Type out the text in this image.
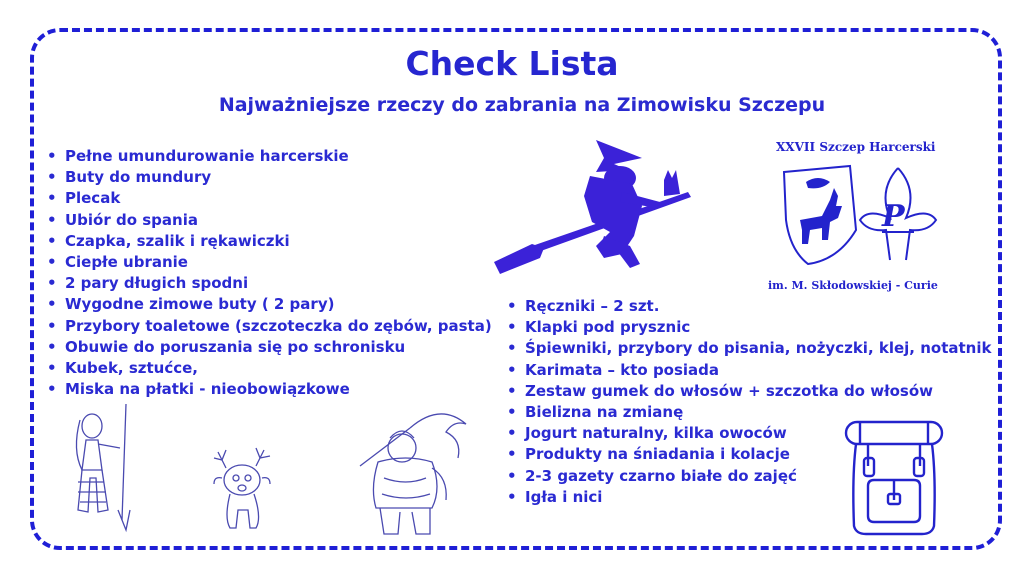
Check Lista
Najważniejsze rzeczy do zabrania na Zimowisku Szczepu
• Pełne umundurowanie harcerskie
• Buty do mundury
• Plecak
• Ubiór do spania
• Czapka, szalik i rękawiczki
• Ciepłe ubranie
• 2 pary długich spodni
• Wygodne zimowe buty ( 2 pary)
• Przybory toaletowe (szczoteczka do zębów, pasta)
• Obuwie do poruszania się po schronisku
• Kubek, sztućce,
• Miska na płatki - nieobowiązkowe
• Ręczniki – 2 szt.
• Klapki pod prysznic
• Śpiewniki, przybory do pisania, nożyczki, klej, notatnik
• Karimata – kto posiada
• Zestaw gumek do włosów + szczotka do włosów
• Bielizna na zmianę
• Jogurt naturalny, kilka owoców
• Produkty na śniadania i kolacje
• 2-3 gazety czarno białe do zajęć
• Igła i nici
XXVII Szczep Harcerski
P
im. M. Skłodowskiej - Curie
